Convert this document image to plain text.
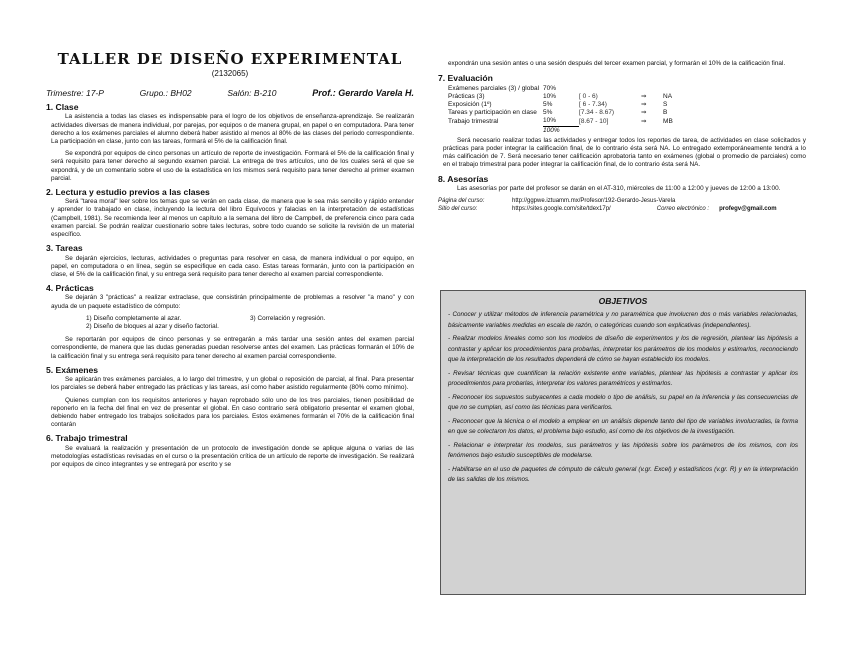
TALLER DE DISEÑO EXPERIMENTAL
(2132065)
Trimestre: 17-P	Grupo.: BH02	Salón: B-210	Prof.: Gerardo Varela H.
1. Clase

La asistencia a todas las clases es indispensable para el logro de los objetivos de enseñanza-aprendizaje. Se realizarán actividades diversas de manera individual, por parejas, por equipos o de manera grupal, en papel o en computadora. Para tener derecho a los exámenes parciales el alumno deberá haber asistido al menos al 80% de las clases del periodo correspondiente. La participación en clase, junto con las tareas, formará el 5% de la calificación final.

Se expondrá por equipos de cinco personas un artículo de reporte de investigación. Formará el 5% de la calificación final y será requisito para tener derecho al segundo examen parcial. La entrega de tres artículos, uno de los cuales será el que se expondrá, y de un comentario sobre el uso de la estadística en los mismos será requisito para tener derecho al primer examen parcial.

2. Lectura y estudio previos a las clases

Será "tarea moral" leer sobre los temas que se verán en cada clase, de manera que le sea más sencillo y rápido entender y aprender lo trabajado en clase, incluyendo la lectura del libro Equívocos y falacias en la interpretación de estadísticas (Campbell, 1981). Se recomienda leer al menos un capítulo a la semana del libro de Campbell, de preferencia cinco para cada examen parcial. Se podrán realizar cuestionario sobre tales lecturas, sobre todo cuando se solicite la revisión de un material específico.

3. Tareas

Se dejarán ejercicios, lecturas, actividades o preguntas para resolver en casa, de manera individual o por equipo, en papel, en computadora o en línea, según se especifique en cada caso. Estas tareas formarán, junto con la participación en clase, el 5% de la calificación final, y su entrega será requisito para tener derecho al examen parcial correspondiente.

4. Prácticas

Se dejarán 3 "prácticas" a realizar extraclase, que consistirán principalmente de problemas a resolver "a mano" y con ayuda de un paquete estadístico de cómputo:

1) Diseño completamente al azar.	3) Correlación y regresión.
2) Diseño de bloques al azar y diseño factorial.

Se reportarán por equipos de cinco personas y se entregarán a más tardar una sesión antes del examen parcial correspondiente, de manera que las dudas generadas puedan resolverse antes del examen. Las prácticas formarán el 10% de la calificación final y su entrega será requisito para tener derecho al examen parcial correspondiente.

5. Exámenes

Se aplicarán tres exámenes parciales, a lo largo del trimestre, y un global o reposición de parcial, al final. Para presentar los parciales se deberá haber entregado las prácticas y las tareas, así como haber asistido regularmente (80% como mínimo).

Quienes cumplan con los requisitos anteriores y hayan reprobado sólo uno de los tres parciales, tienen posibilidad de reponerlo en la fecha del final en vez de presentar el global. En caso contrario será obligatorio presentar el examen global, debiendo haber entregado los trabajos solicitados para los parciales. Estos exámenes formarán el 70% de la calificación final contarán

6. Trabajo trimestral

Se evaluará la realización y presentación de un protocolo de investigación donde se aplique alguna o varias de las metodologías estadísticas revisadas en el curso o la presentación crítica de un artículo de reporte de investigación. Se realizará por equipos de cinco integrantes y se entregará por escrito y se

expondrán una sesión antes o una sesión después del tercer examen parcial, y formarán el 10% de la calificación final.

7. Evaluación
Exámenes parciales (3) / global	70%			
Prácticas (3)	10%	[ 0 - 6)	⇒	NA
Exposición (1º)	5%	[ 6 - 7.34)	⇒	S
Tareas y participación en clase	5%	[7.34 - 8.67)	⇒	B
Trabajo trimestral	10%	[8.67 - 10]	⇒	MB
	100%			

Será necesario realizar todas las actividades y entregar todos los reportes de tarea, de actividades en clase solicitados y prácticas para poder integrar la calificación final, de lo contrario ésta será NA. Lo entregado extemporáneamente tendrá a lo más calificación de 7. Será necesario tener calificación aprobatoria tanto en exámenes (global o promedio de parciales) como en el trabajo trimestral para poder integrar la calificación final, de lo contrario ésta será NA.

8. Asesorías

Las asesorías por parte del profesor se darán en el AT-310, miércoles de 11:00 a 12:00 y jueves de 12:00 a 13:00.

Página del curso:	http://ggpwe.iztuamm.mx/Profesor/192-Gerardo-Jesus-Varela
Sitio del curso:	https://sites.google.com/site/tdex17p/	Correo electrónico : profegv@gmail.com
OBJETIVOS

- Conocer y utilizar métodos de inferencia paramétrica y no paramétrica que involucren dos o más variables relacionadas, básicamente variables medidas en escala de razón, o categóricas cuando son explicativas (independientes).

- Realizar modelos lineales como son los modelos de diseño de experimentos y los de regresión, plantear las hipótesis a contrastar y aplicar los procedimientos para probarlas, interpretar los parámetros de los modelos y estimarlos, reconociendo que la interpretación de los resultados dependerá de cómo se hayan establecido los modelos.

- Revisar técnicas que cuantifican la relación existente entre variables, plantear las hipótesis a contrastar y aplicar los procedimientos para probarlas, interpretar los valores paramétricos y estimarlos.

- Reconocer los supuestos subyacentes a cada modelo o tipo de análisis, su papel en la inferencia y las consecuencias de que no se cumplan, así como las técnicas para verificarlos.

- Reconocer que la técnica o el modelo a emplear en un análisis depende tanto del tipo de variables involucradas, la forma en que se colectaron los datos, el problema bajo estudio, así como de los objetivos de la investigación.

- Relacionar e interpretar los modelos, sus parámetros y las hipótesis sobre los parámetros de los mismos, con los fenómenos bajo estudio susceptibles de modelarse.

- Habilitarse en el uso de paquetes de cómputo de cálculo general (v.gr. Excel) y estadísticos (v.gr. R) y en la interpretación de las salidas de los mismos.
